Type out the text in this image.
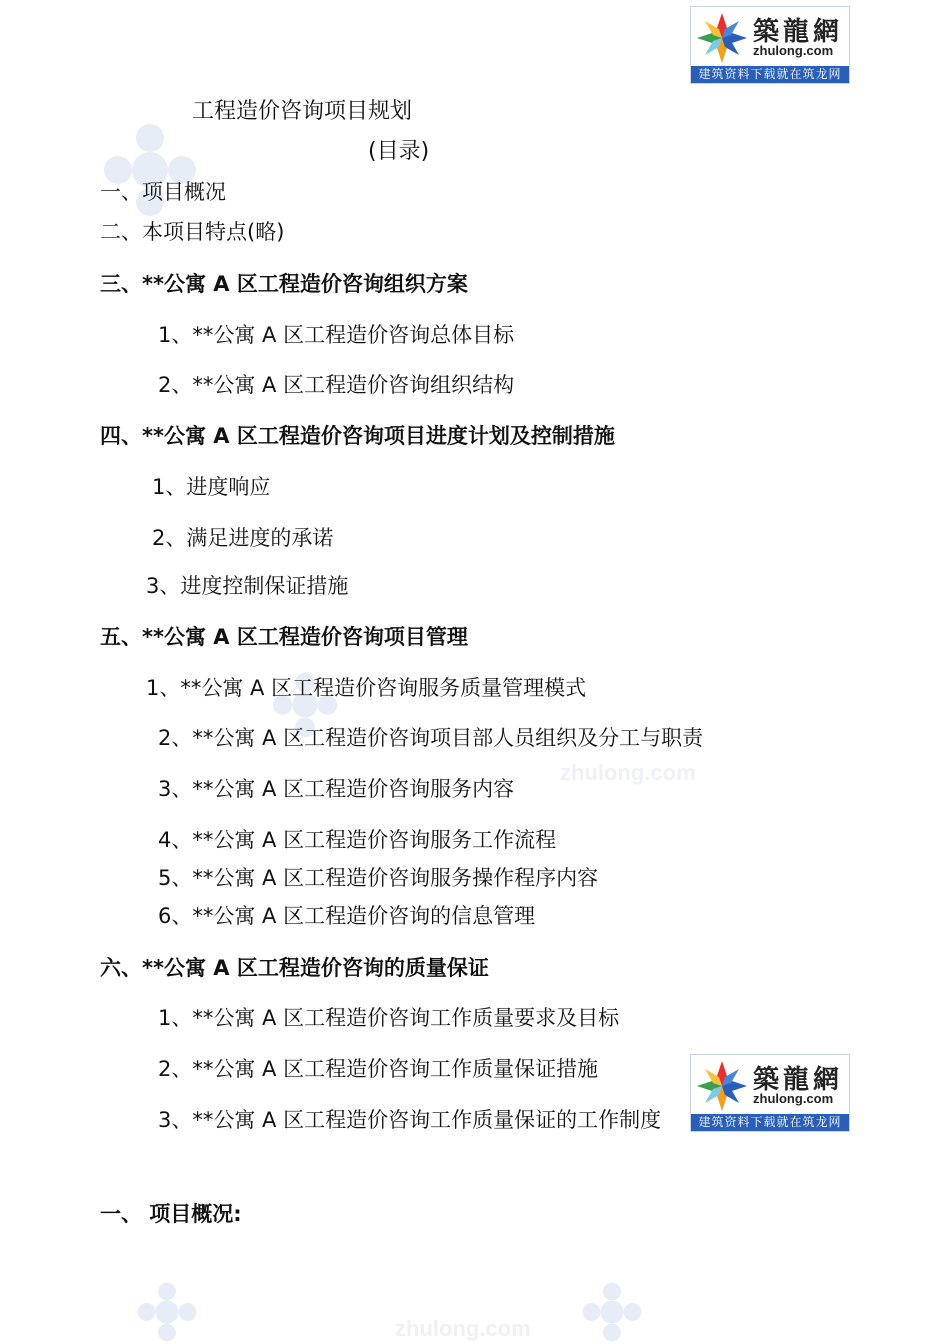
zhulong.com
zhulong.com
築龍網
zhulong.com
建筑资料下载就在筑龙网
築龍網
zhulong.com
建筑资料下载就在筑龙网
工程造价咨询项目规划
(目录)
一、项目概况
二、本项目特点(略)
三、**公寓 A 区工程造价咨询组织方案
1、**公寓 A 区工程造价咨询总体目标
2、**公寓 A 区工程造价咨询组织结构
四、**公寓 A 区工程造价咨询项目进度计划及控制措施
1、进度响应
2、满足进度的承诺
3、进度控制保证措施
五、**公寓 A 区工程造价咨询项目管理
1、**公寓 A 区工程造价咨询服务质量管理模式
2、**公寓 A 区工程造价咨询项目部人员组织及分工与职责
3、**公寓 A 区工程造价咨询服务内容
4、**公寓 A 区工程造价咨询服务工作流程
5、**公寓 A 区工程造价咨询服务操作程序内容
6、**公寓 A 区工程造价咨询的信息管理
六、**公寓 A 区工程造价咨询的质量保证
1、**公寓 A 区工程造价咨询工作质量要求及目标
2、**公寓 A 区工程造价咨询工作质量保证措施
3、**公寓 A 区工程造价咨询工作质量保证的工作制度
一、 项目概况:
